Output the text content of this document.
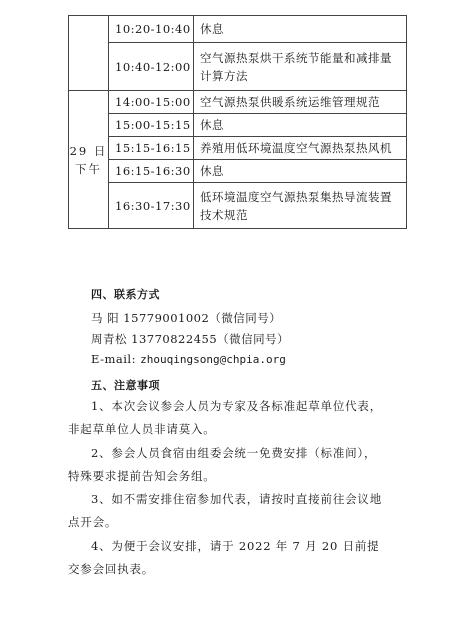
	10:20-10:40	休息
	10:40-12:00	空气源热泵烘干系统节能量和减排量计算方法

29 日
下午	14:00-15:00	空气源热泵供暖系统运维管理规范
	15:00-15:15	休息
	15:15-16:15	养殖用低环境温度空气源热泵热风机
	16:15-16:30	休息
	16:30-17:30	低环境温度空气源热泵集热导流装置技术规范
四、联系方式
马 阳 15779001002（微信同号）
周青松 13770822455（微信同号）
E-mail: zhouqingsong@chpia.org
五、注意事项
1、本次会议参会人员为专家及各标准起草单位代表，非起草单位人员非请莫入。
2、参会人员食宿由组委会统一免费安排（标准间），特殊要求提前告知会务组。
3、如不需安排住宿参加代表，请按时直接前往会议地点开会。
4、为便于会议安排，请于 2022 年 7 月 20 日前提交参会回执表。
